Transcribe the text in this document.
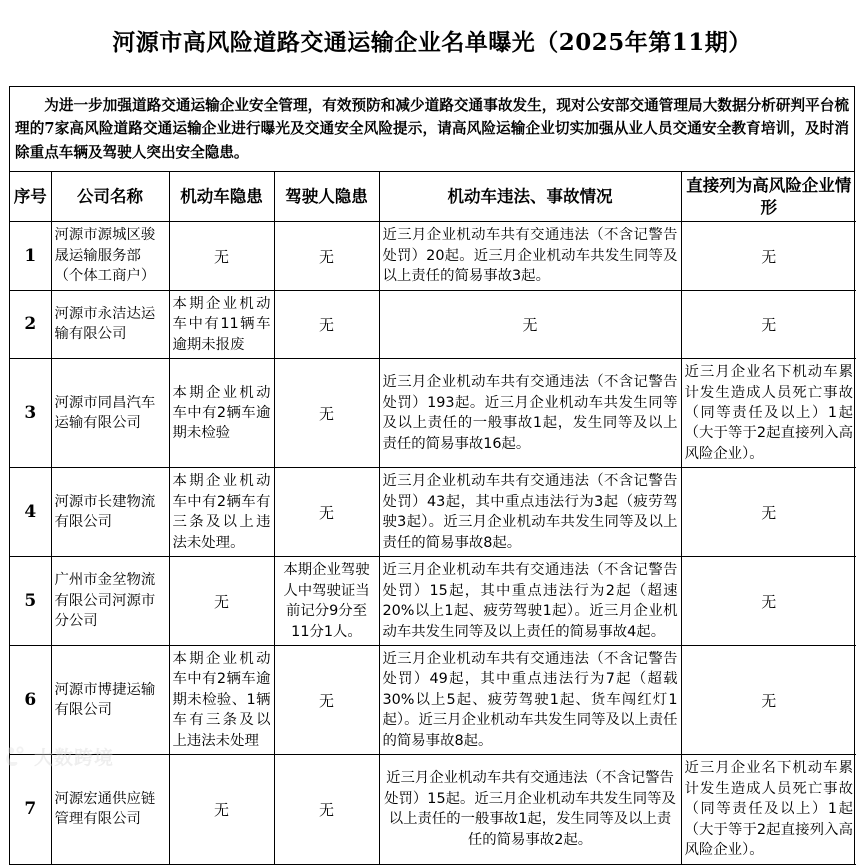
河源市高风险道路交通运输企业名单曝光（2025年第11期）
为进一步加强道路交通运输企业安全管理，有效预防和减少道路交通事故发生，现对公安部交通管理局大数据分析研判平台梳理的7家高风险道路交通运输企业进行曝光及交通安全风险提示，请高风险运输企业切实加强从业人员交通安全教育培训，及时消除重点车辆及驾驶人突出安全隐患。
序号	公司名称	机动车隐患	驾驶人隐患	机动车违法、事故情况	直接列为高风险企业情形
1	河源市源城区骏晟运输服务部（个体工商户）	无	无	近三月企业机动车共有交通违法（不含记警告处罚）20起。近三月企业机动车共发生同等及以上责任的简易事故3起。	无
2	河源市永洁达运输有限公司	本期企业机动车中有11辆车逾期未报废	无	无	无
3	河源市同昌汽车运输有限公司	本期企业机动车中有2辆车逾期未检验	无	近三月企业机动车共有交通违法（不含记警告处罚）193起。近三月企业机动车共发生同等及以上责任的一般事故1起，发生同等及以上责任的简易事故16起。	近三月企业名下机动车累计发生造成人员死亡事故（同等责任及以上）1起（大于等于2起直接列入高风险企业）。
4	河源市长建物流有限公司	本期企业机动车中有2辆车有三条及以上违法未处理。	无	近三月企业机动车共有交通违法（不含记警告处罚）43起，其中重点违法行为3起（疲劳驾驶3起）。近三月企业机动车共发生同等及以上责任的简易事故8起。	无
5	广州市金坌物流有限公司河源市分公司	无	本期企业驾驶人中驾驶证当前记分9分至11分1人。	近三月企业机动车共有交通违法（不含记警告处罚）15起，其中重点违法行为2起（超速20%以上1起、疲劳驾驶1起）。近三月企业机动车共发生同等及以上责任的简易事故4起。	无
6	河源市博捷运输有限公司	本期企业机动车中有2辆车逾期未检验、1辆车有三条及以上违法未处理	无	近三月企业机动车共有交通违法（不含记警告处罚）49起，其中重点违法行为7起（超载30%以上5起、疲劳驾驶1起、货车闯红灯1起）。近三月企业机动车共发生同等及以上责任的简易事故8起。	无
7	河源宏通供应链管理有限公司	无	无	近三月企业机动车共有交通违法（不含记警告处罚）15起。近三月企业机动车共发生同等及以上责任的一般事故1起，发生同等及以上责任的简易事故2起。	近三月企业名下机动车累计发生造成人员死亡事故（同等责任及以上）1起（大于等于2起直接列入高风险企业）。
大数跨境
